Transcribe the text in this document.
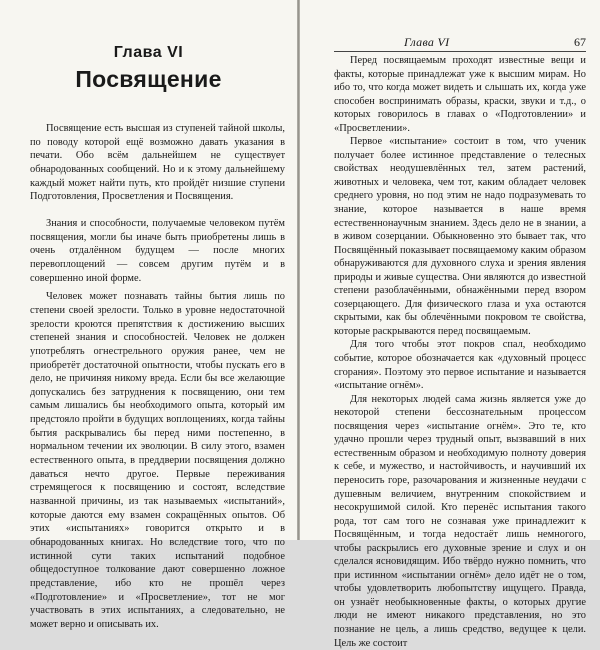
Глава VI
Посвящение

Посвящение есть высшая из ступеней тайной школы, по поводу которой ещё возможно давать указания в печати. Обо всём дальнейшем не существует обнародованных сообщений. Но и к этому дальнейшему каждый может найти путь, кто пройдёт низшие ступени Подготовления, Просветления и Посвящения.

Знания и способности, получаемые человеком путём посвящения, могли бы иначе быть приобретены лишь в очень отдалённом будущем — после многих перевоплощений — совсем другим путём и в совершенно иной форме.

Человек может познавать тайны бытия лишь по степени своей зрелости. Только в уровне недостаточной зрелости кроются препятствия к достижению высших степеней знания и способностей. Человек не должен употреблять огнестрельного оружия ранее, чем не приобретёт достаточной опытности, чтобы пускать его в дело, не причиняя никому вреда. Если бы все желающие допускались без затруднения к посвящению, они тем самым лишались бы необходимого опыта, который им предстояло пройти в будущих воплощениях, когда тайны бытия раскрывались бы перед ними постепенно, в нормальном течении их эволюции. В силу этого, взамен естественного опыта, в преддверии посвящения должно даваться нечто другое. Первые переживания стремящегося к посвящению и состоят, вследствие названной причины, из так называемых «испытаний», которые даются ему взамен сокращённых опытов. Об этих «испытаниях» говорится открыто и в обнародованных книгах. Но вследствие того, что по истинной сути таких испытаний подобное общедоступное толкование дают совершенно ложное представление, ибо кто не прошёл через «Подготовление» и «Просветление», тот не мог участвовать в этих испытаниях, а следовательно, не может верно и описывать их.

Глава VI	67

Перед посвящаемым проходят известные вещи и факты, которые принадлежат уже к высшим мирам. Но ибо то, что когда может видеть и слышать их, когда уже способен воспринимать образы, краски, звуки и т.д., о которых говорилось в главах о «Подготовлении» и «Просветлении».

Первое «испытание» состоит в том, что ученик получает более истинное представление о телесных свойствах неодушевлённых тел, затем растений, животных и человека, чем тот, каким обладает человек среднего уровня, но под этим не надо подразумевать то знание, которое называется в наше время естественнонаучным знанием. Здесь дело не в знании, а в живом созерцании. Обыкновенно это бывает так, что Посвящённый показывает посвящаемому каким образом обнаруживаются для духовного слуха и зрения явления природы и живые существа. Они являются до известной степени разоблачёнными, обнажёнными перед взором созерцающего. Для физического глаза и уха остаются скрытыми, как бы облечёнными покровом те свойства, которые раскрываются перед посвящаемым.

Для того чтобы этот покров спал, необходимо событие, которое обозначается как «духовный процесс сгорания». Поэтому это первое испытание и называется «испытание огнём».

Для некоторых людей сама жизнь является уже до некоторой степени бессознательным процессом посвящения через «испытание огнём». Это те, кто удачно прошли через трудный опыт, вызвавший в них естественным образом и необходимую полноту доверия к себе, и мужество, и настойчивость, и научивший их переносить горе, разочарования и жизненные неудачи с душевным величием, внутренним спокойствием и несокрушимой силой. Кто перенёс испытания такого рода, тот сам того не сознавая уже принадлежит к Посвящённым, и тогда недостаёт лишь немногого, чтобы раскрылись его духовные зрение и слух и он сделался ясновидящим. Ибо твёрдо нужно помнить, что при истинном «испытании огнём» дело идёт не о том, чтобы удовлетворить любопытству ищущего. Правда, он узнаёт необыкновенные факты, о которых другие люди не имеют никакого представления, но это познание не цель, а лишь средство, ведущее к цели. Цель же состоит
